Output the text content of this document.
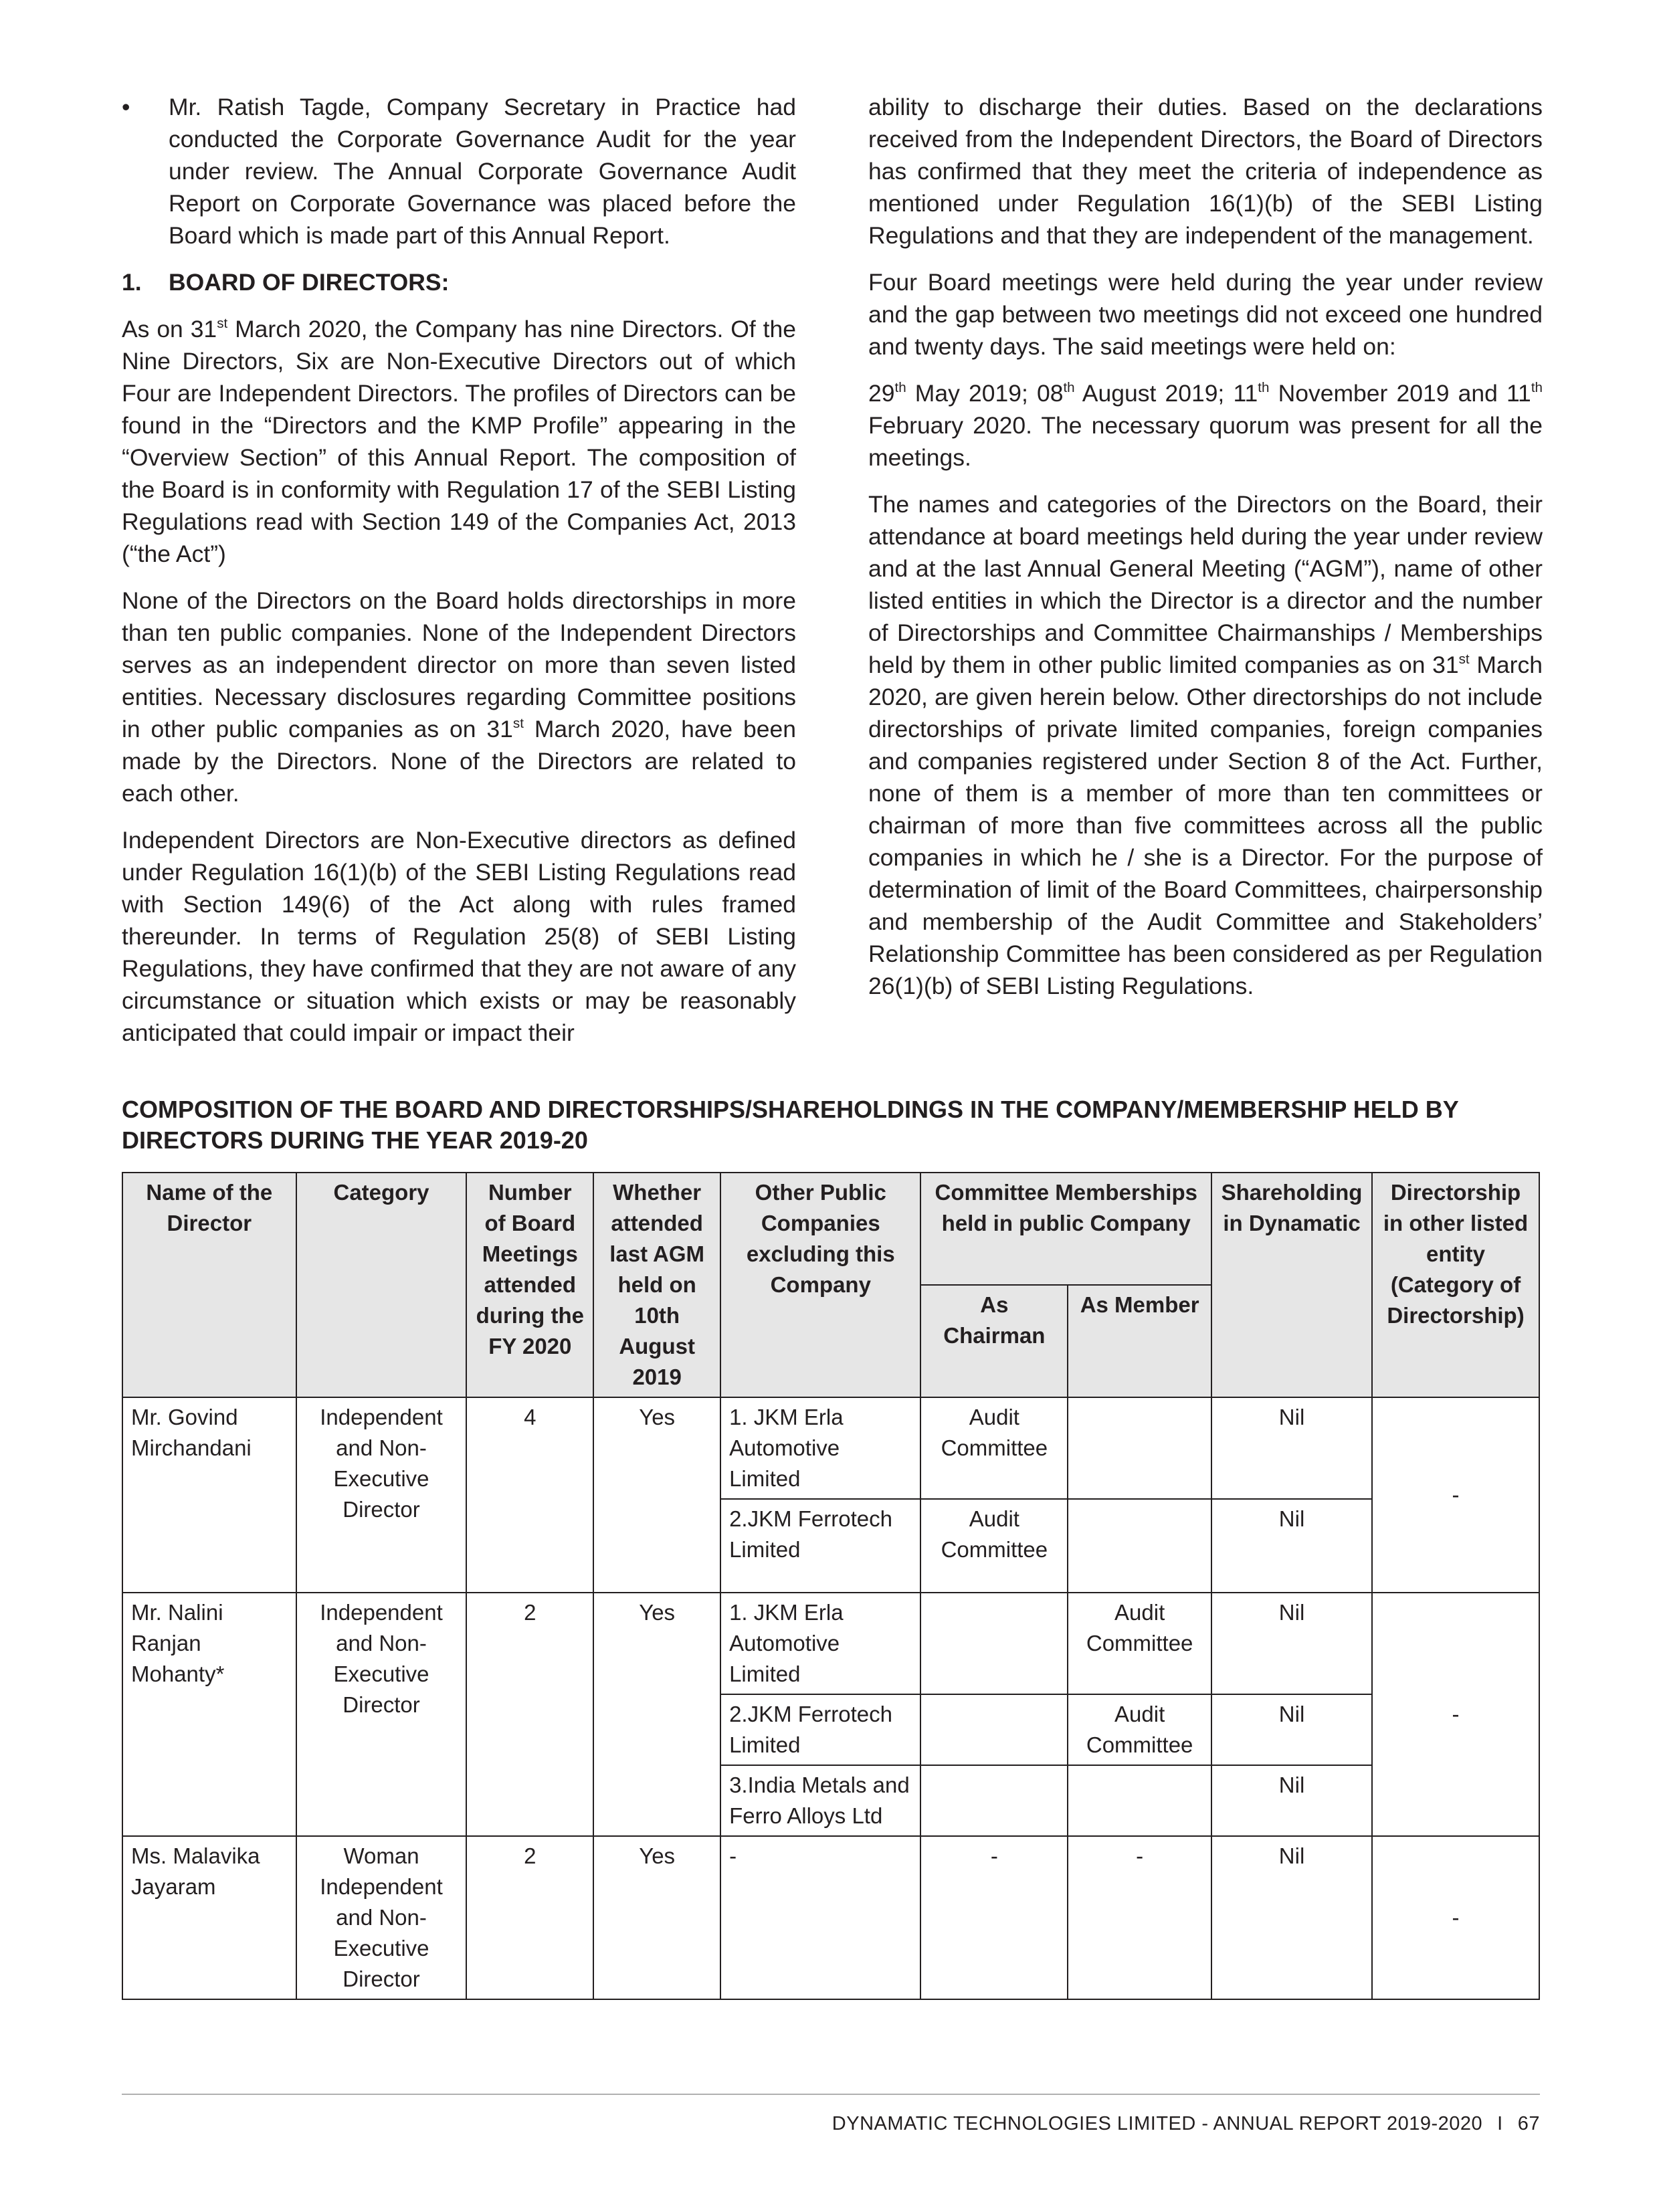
• Mr. Ratish Tagde, Company Secretary in Practice had conducted the Corporate Governance Audit for the year under review. The Annual Corporate Governance Audit Report on Corporate Governance was placed before the Board which is made part of this Annual Report.
1. BOARD OF DIRECTORS:

As on 31st March 2020, the Company has nine Directors. Of the Nine Directors, Six are Non-Executive Directors out of which Four are Independent Directors. The profiles of Directors can be found in the “Directors and the KMP Profile” appearing in the “Overview Section” of this Annual Report. The composition of the Board is in conformity with Regulation 17 of the SEBI Listing Regulations read with Section 149 of the Companies Act, 2013 (“the Act”)

None of the Directors on the Board holds directorships in more than ten public companies. None of the Independent Directors serves as an independent director on more than seven listed entities. Necessary disclosures regarding Committee positions in other public companies as on 31st March 2020, have been made by the Directors. None of the Directors are related to each other.

Independent Directors are Non-Executive directors as defined under Regulation 16(1)(b) of the SEBI Listing Regulations read with Section 149(6) of the Act along with rules framed thereunder. In terms of Regulation 25(8) of SEBI Listing Regulations, they have confirmed that they are not aware of any circumstance or situation which exists or may be reasonably anticipated that could impair or impact their

ability to discharge their duties. Based on the declarations received from the Independent Directors, the Board of Directors has confirmed that they meet the criteria of independence as mentioned under Regulation 16(1)(b) of the SEBI Listing Regulations and that they are independent of the management.

Four Board meetings were held during the year under review and the gap between two meetings did not exceed one hundred and twenty days. The said meetings were held on:

29th May 2019; 08th August 2019; 11th November 2019 and 11th February 2020. The necessary quorum was present for all the meetings.

The names and categories of the Directors on the Board, their attendance at board meetings held during the year under review and at the last Annual General Meeting (“AGM”), name of other listed entities in which the Director is a director and the number of Directorships and Committee Chairmanships / Memberships held by them in other public limited companies as on 31st March 2020, are given herein below. Other directorships do not include directorships of private limited companies, foreign companies and companies registered under Section 8 of the Act. Further, none of them is a member of more than ten committees or chairman of more than five committees across all the public companies in which he / she is a Director. For the purpose of determination of limit of the Board Committees, chairpersonship and membership of the Audit Committee and Stakeholders’ Relationship Committee has been considered as per Regulation 26(1)(b) of SEBI Listing Regulations.

COMPOSITION OF THE BOARD AND DIRECTORSHIPS/SHAREHOLDINGS IN THE COMPANY/MEMBERSHIP HELD BY DIRECTORS DURING THE YEAR 2019-20
Name of the Director	Category	Number of Board Meetings attended during the FY 2020	Whether attended last AGM held on 10th August 2019	Other Public Companies excluding this Company	Committee Memberships held in public Company		Shareholding in Dynamatic	Directorship in other listed entity (Category of Directorship)
					As Chairman	As Member		
Mr. Govind Mirchandani	Independent and Non-Executive Director	4	Yes	1. JKM Erla Automotive Limited	Audit Committee		Nil	-
				2.JKM Ferrotech Limited	Audit Committee		Nil	
Mr. Nalini Ranjan Mohanty*	Independent and Non-Executive Director	2	Yes	1. JKM Erla Automotive Limited		Audit Committee	Nil	-
				2.JKM Ferrotech Limited		Audit Committee	Nil	
				3.India Metals and Ferro Alloys Ltd			Nil	
Ms. Malavika Jayaram	Woman Independent and Non-Executive Director	2	Yes	-	-	-	Nil	-
DYNAMATIC TECHNOLOGIES LIMITED - ANNUAL REPORT 2019-2020 I 67
